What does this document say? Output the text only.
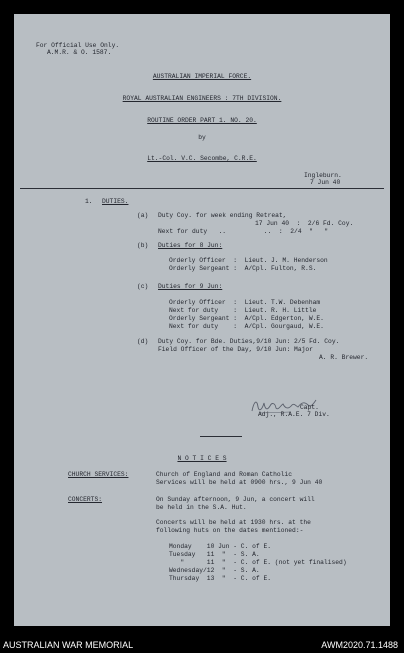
For Official Use Only.
A.M.R. & O. 1587.
AUSTRALIAN IMPERIAL FORCE.
ROYAL AUSTRALIAN ENGINEERS : 7TH DIVISION.
ROUTINE ORDER PART 1. NO. 20.
by
Lt.-Col. V.C. Secombe, C.R.E.
Ingleburn.
7 Jun 40
1. DUTIES.
(a) Duty Coy. for week ending Retreat,
17 Jun 40  :  2/6 Fd. Coy.
Next for duty   ..          ..  :  2/4  "   "
(b) Duties for 8 Jun:
Orderly Officer  :  Lieut. J. M. Henderson
Orderly Sergeant :  A/Cpl. Fulton, R.S.
(c) Duties for 9 Jun:
Orderly Officer  :  Lieut. T.W. Debenham
Next for duty    :  Lieut. R. H. Little
Orderly Sergeant :  A/Cpl. Edgerton, W.E.
Next for duty    :  A/Cpl. Gourgaud, W.E.
(d) Duty Coy. for Bde. Duties,9/10 Jun: 2/5 Fd. Coy.
Field Officer of the Day, 9/10 Jun: Major
A. R. Brewer.
Capt.
Adj., R.A.E. 7 Div.
N O T I C E S
CHURCH SERVICES:	Church of England and Roman Catholic
Services will be held at 0900 hrs., 9 Jun 40
CONCERTS:	On Sunday afternoon, 9 Jun, a concert will
be held in the S.A. Hut.
Concerts will be held at 1930 hrs. at the
following huts on the dates mentioned:-
Monday    10 Jun - C. of E.
Tuesday   11  "  - S. A.
"      11  "  - C. of E. (not yet finalised)
Wednesday/12  "  - S. A.
Thursday  13  "  - C. of E.
AUSTRALIAN WAR MEMORIAL	AWM2020.71.1488
